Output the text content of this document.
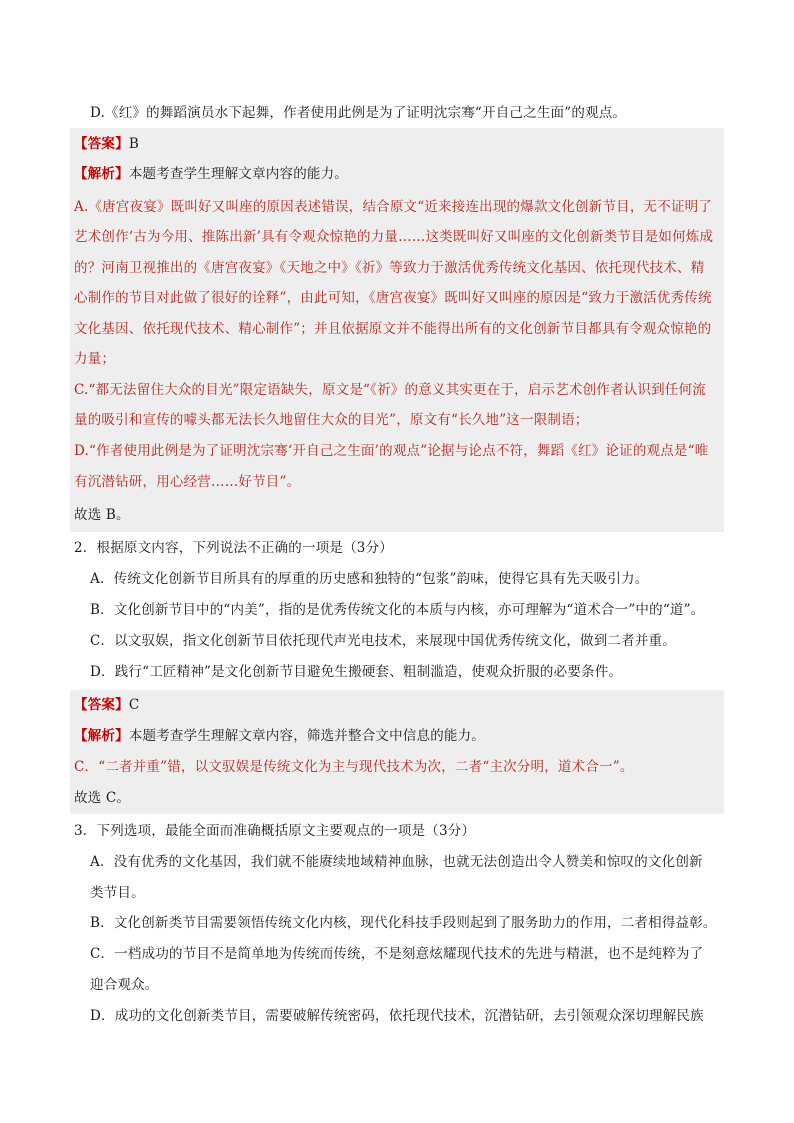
D.《红》的舞蹈演员水下起舞，作者使用此例是为了证明沈宗骞“开自己之生面”的观点。
【答案】B
【解析】本题考查学生理解文章内容的能力。
A.《唐宫夜宴》既叫好又叫座的原因表述错误，结合原文“近来接连出现的爆款文化创新节目，无不证明了
艺术创作‘古为今用、推陈出新’具有令观众惊艳的力量……这类既叫好又叫座的文化创新类节目是如何炼成
的？河南卫视推出的《唐宫夜宴》《天地之中》《祈》等致力于激活优秀传统文化基因、依托现代技术、精
心制作的节目对此做了很好的诠释”，由此可知，《唐宫夜宴》既叫好又叫座的原因是“致力于激活优秀传统
文化基因、依托现代技术、精心制作”；并且依据原文并不能得出所有的文化创新节目都具有令观众惊艳的
力量；
C.“都无法留住大众的目光”限定语缺失，原文是“《祈》的意义其实更在于，启示艺术创作者认识到任何流
量的吸引和宣传的噱头都无法长久地留住大众的目光”，原文有“长久地”这一限制语；
D.“作者使用此例是为了证明沈宗骞‘开自己之生面’的观点”论据与论点不符，舞蹈《红》论证的观点是“唯
有沉潜钻研，用心经营……好节目”。
故选 B。
2．根据原文内容，下列说法不正确的一项是（3分）
A．传统文化创新节目所具有的厚重的历史感和独特的“包浆”韵味，使得它具有先天吸引力。
B．文化创新节目中的“内美”，指的是优秀传统文化的本质与内核，亦可理解为“道术合一”中的“道”。
C．以文驭娱，指文化创新节目依托现代声光电技术，来展现中国优秀传统文化，做到二者并重。
D．践行“工匠精神”是文化创新节目避免生搬硬套、粗制滥造，使观众折服的必要条件。
【答案】C
【解析】本题考查学生理解文章内容，筛选并整合文中信息的能力。
C．“二者并重”错，以文驭娱是传统文化为主与现代技术为次，二者“主次分明，道术合一”。
故选 C。
3．下列选项，最能全面而准确概括原文主要观点的一项是（3分）
A．没有优秀的文化基因，我们就不能赓续地域精神血脉，也就无法创造出令人赞美和惊叹的文化创新
类节目。
B．文化创新类节目需要领悟传统文化内核，现代化科技手段则起到了服务助力的作用，二者相得益彰。
C．一档成功的节目不是简单地为传统而传统，不是刻意炫耀现代技术的先进与精湛，也不是纯粹为了
迎合观众。
D．成功的文化创新类节目，需要破解传统密码，依托现代技术，沉潜钻研，去引领观众深切理解民族
